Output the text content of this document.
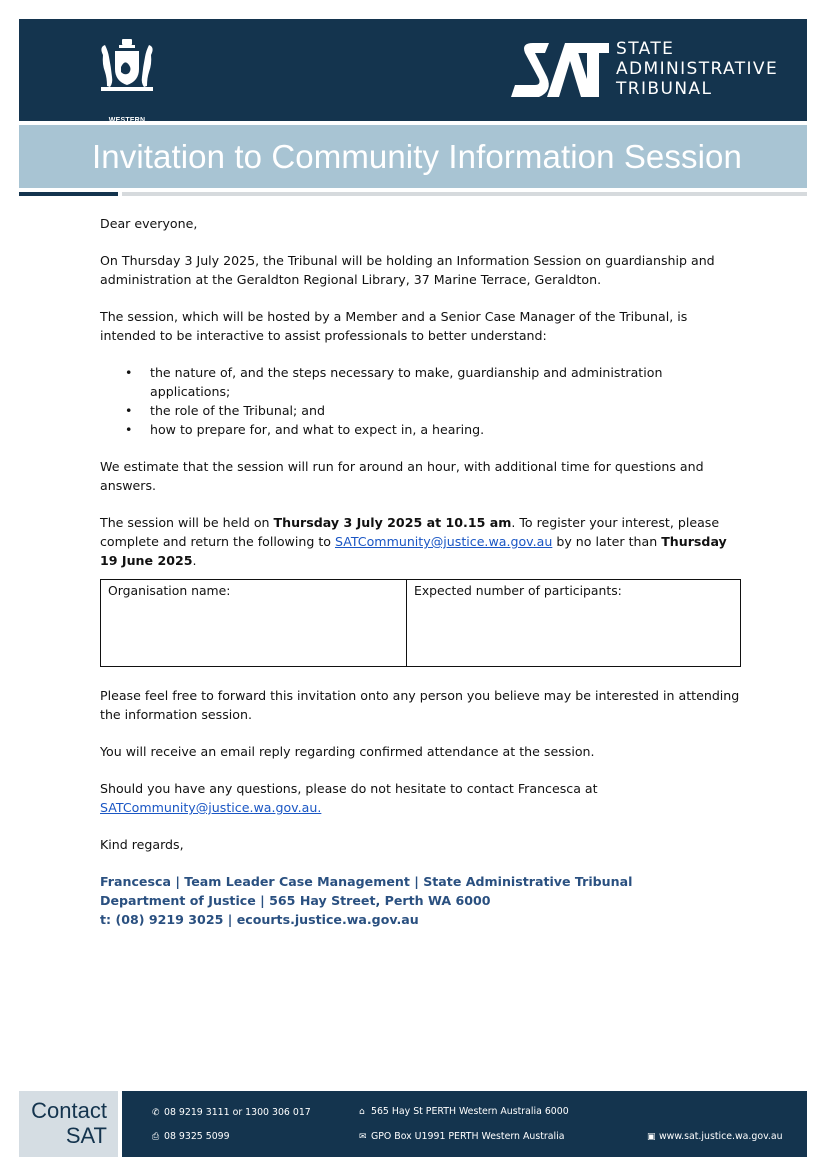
WESTERN
STATE
ADMINISTRATIVE
TRIBUNAL
Invitation to Community Information Session

Dear everyone,

On Thursday 3 July 2025, the Tribunal will be holding an Information Session on guardianship and administration at the Geraldton Regional Library, 37 Marine Terrace, Geraldton.

The session, which will be hosted by a Member and a Senior Case Manager of the Tribunal, is intended to be interactive to assist professionals to better understand:

• the nature of, and the steps necessary to make, guardianship and administration applications;
• the role of the Tribunal; and
• how to prepare for, and what to expect in, a hearing.

We estimate that the session will run for around an hour, with additional time for questions and answers.

The session will be held on Thursday 3 July 2025 at 10.15 am. To register your interest, please complete and return the following to SATCommunity@justice.wa.gov.au by no later than Thursday 19 June 2025.

Organisation name:	Expected number of participants:

Please feel free to forward this invitation onto any person you believe may be interested in attending the information session.

You will receive an email reply regarding confirmed attendance at the session.

Should you have any questions, please do not hesitate to contact Francesca at
SATCommunity@justice.wa.gov.au.

Kind regards,

Francesca | Team Leader Case Management | State Administrative Tribunal

Department of Justice | 565 Hay Street, Perth WA 6000

t: (08) 9219 3025 | ecourts.justice.wa.gov.au

Contact
SAT
✆ 08 9219 3111 or 1300 306 017
⎙ 08 9325 5099
⌂ 565 Hay St PERTH Western Australia 6000
✉ GPO Box U1991 PERTH Western Australia	▣ www.sat.justice.wa.gov.au
